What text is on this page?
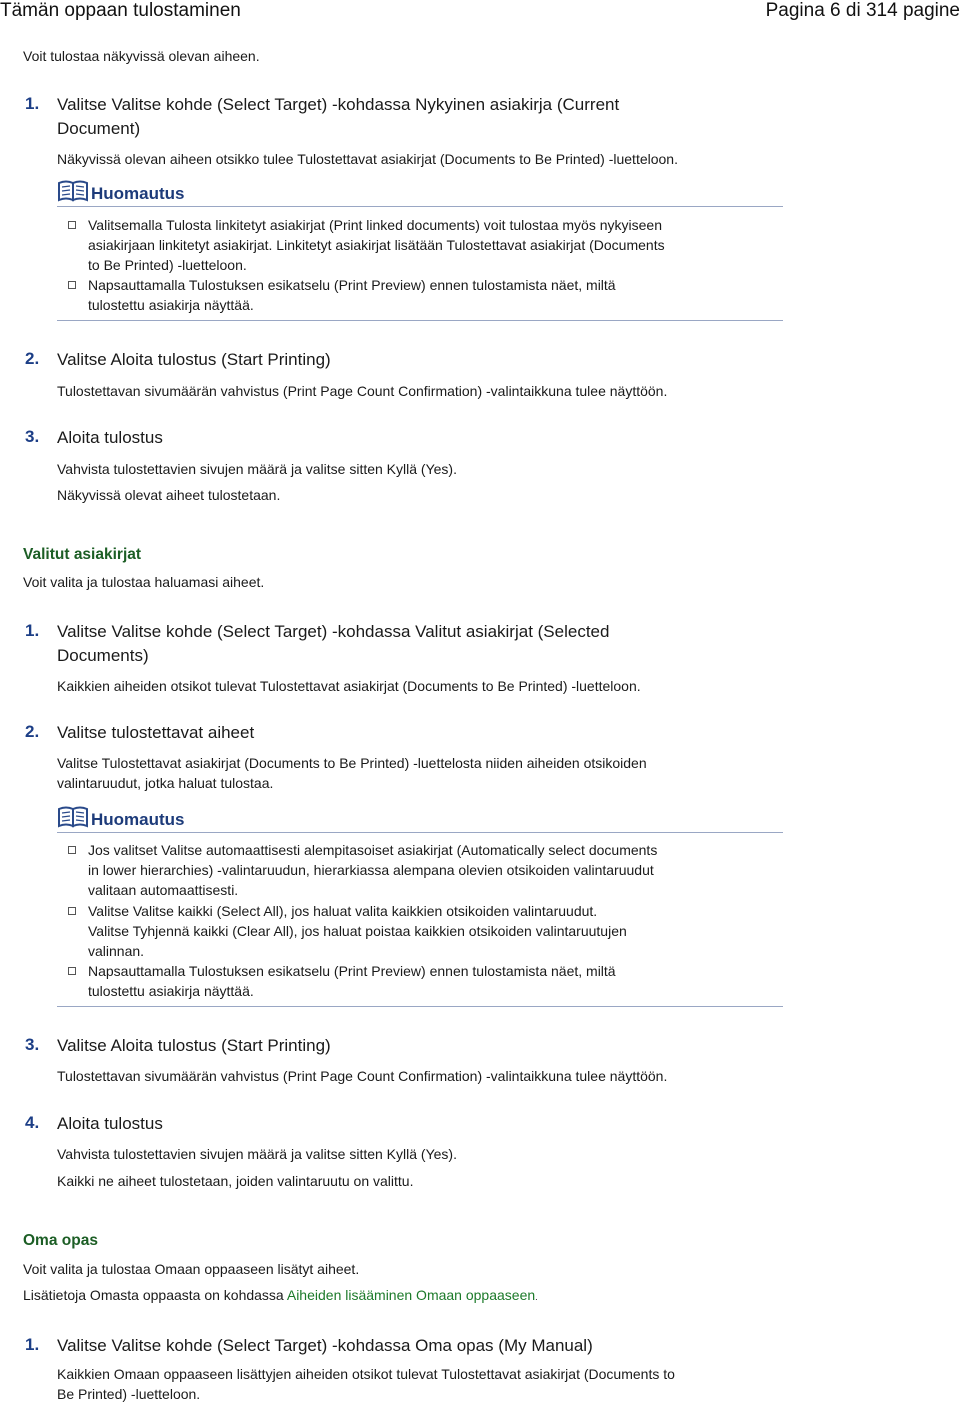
Tämän oppaan tulostaminen	Pagina 6 di 314 pagine
Voit tulostaa näkyvissä olevan aiheen.
1. Valitse Valitse kohde (Select Target) -kohdassa Nykyinen asiakirja (Current
Document)
Näkyvissä olevan aiheen otsikko tulee Tulostettavat asiakirjat (Documents to Be Printed) -luetteloon.
Huomautus
Valitsemalla Tulosta linkitetyt asiakirjat (Print linked documents) voit tulostaa myös nykyiseen
asiakirjaan linkitetyt asiakirjat. Linkitetyt asiakirjat lisätään Tulostettavat asiakirjat (Documents
to Be Printed) -luetteloon.
Napsauttamalla Tulostuksen esikatselu (Print Preview) ennen tulostamista näet, miltä
tulostettu asiakirja näyttää.
2. Valitse Aloita tulostus (Start Printing)
Tulostettavan sivumäärän vahvistus (Print Page Count Confirmation) -valintaikkuna tulee näyttöön.
3. Aloita tulostus
Vahvista tulostettavien sivujen määrä ja valitse sitten Kyllä (Yes).
Näkyvissä olevat aiheet tulostetaan.
Valitut asiakirjat
Voit valita ja tulostaa haluamasi aiheet.
1. Valitse Valitse kohde (Select Target) -kohdassa Valitut asiakirjat (Selected
Documents)
Kaikkien aiheiden otsikot tulevat Tulostettavat asiakirjat (Documents to Be Printed) -luetteloon.
2. Valitse tulostettavat aiheet
Valitse Tulostettavat asiakirjat (Documents to Be Printed) -luettelosta niiden aiheiden otsikoiden
valintaruudut, jotka haluat tulostaa.
Huomautus
Jos valitset Valitse automaattisesti alempitasoiset asiakirjat (Automatically select documents
in lower hierarchies) -valintaruudun, hierarkiassa alempana olevien otsikoiden valintaruudut
valitaan automaattisesti.
Valitse Valitse kaikki (Select All), jos haluat valita kaikkien otsikoiden valintaruudut.
Valitse Tyhjennä kaikki (Clear All), jos haluat poistaa kaikkien otsikoiden valintaruutujen
valinnan.
Napsauttamalla Tulostuksen esikatselu (Print Preview) ennen tulostamista näet, miltä
tulostettu asiakirja näyttää.
3. Valitse Aloita tulostus (Start Printing)
Tulostettavan sivumäärän vahvistus (Print Page Count Confirmation) -valintaikkuna tulee näyttöön.
4. Aloita tulostus
Vahvista tulostettavien sivujen määrä ja valitse sitten Kyllä (Yes).
Kaikki ne aiheet tulostetaan, joiden valintaruutu on valittu.
Oma opas
Voit valita ja tulostaa Omaan oppaaseen lisätyt aiheet.
Lisätietoja Omasta oppaasta on kohdassa Aiheiden lisääminen Omaan oppaaseen.
1. Valitse Valitse kohde (Select Target) -kohdassa Oma opas (My Manual)
Kaikkien Omaan oppaaseen lisättyjen aiheiden otsikot tulevat Tulostettavat asiakirjat (Documents to
Be Printed) -luetteloon.
